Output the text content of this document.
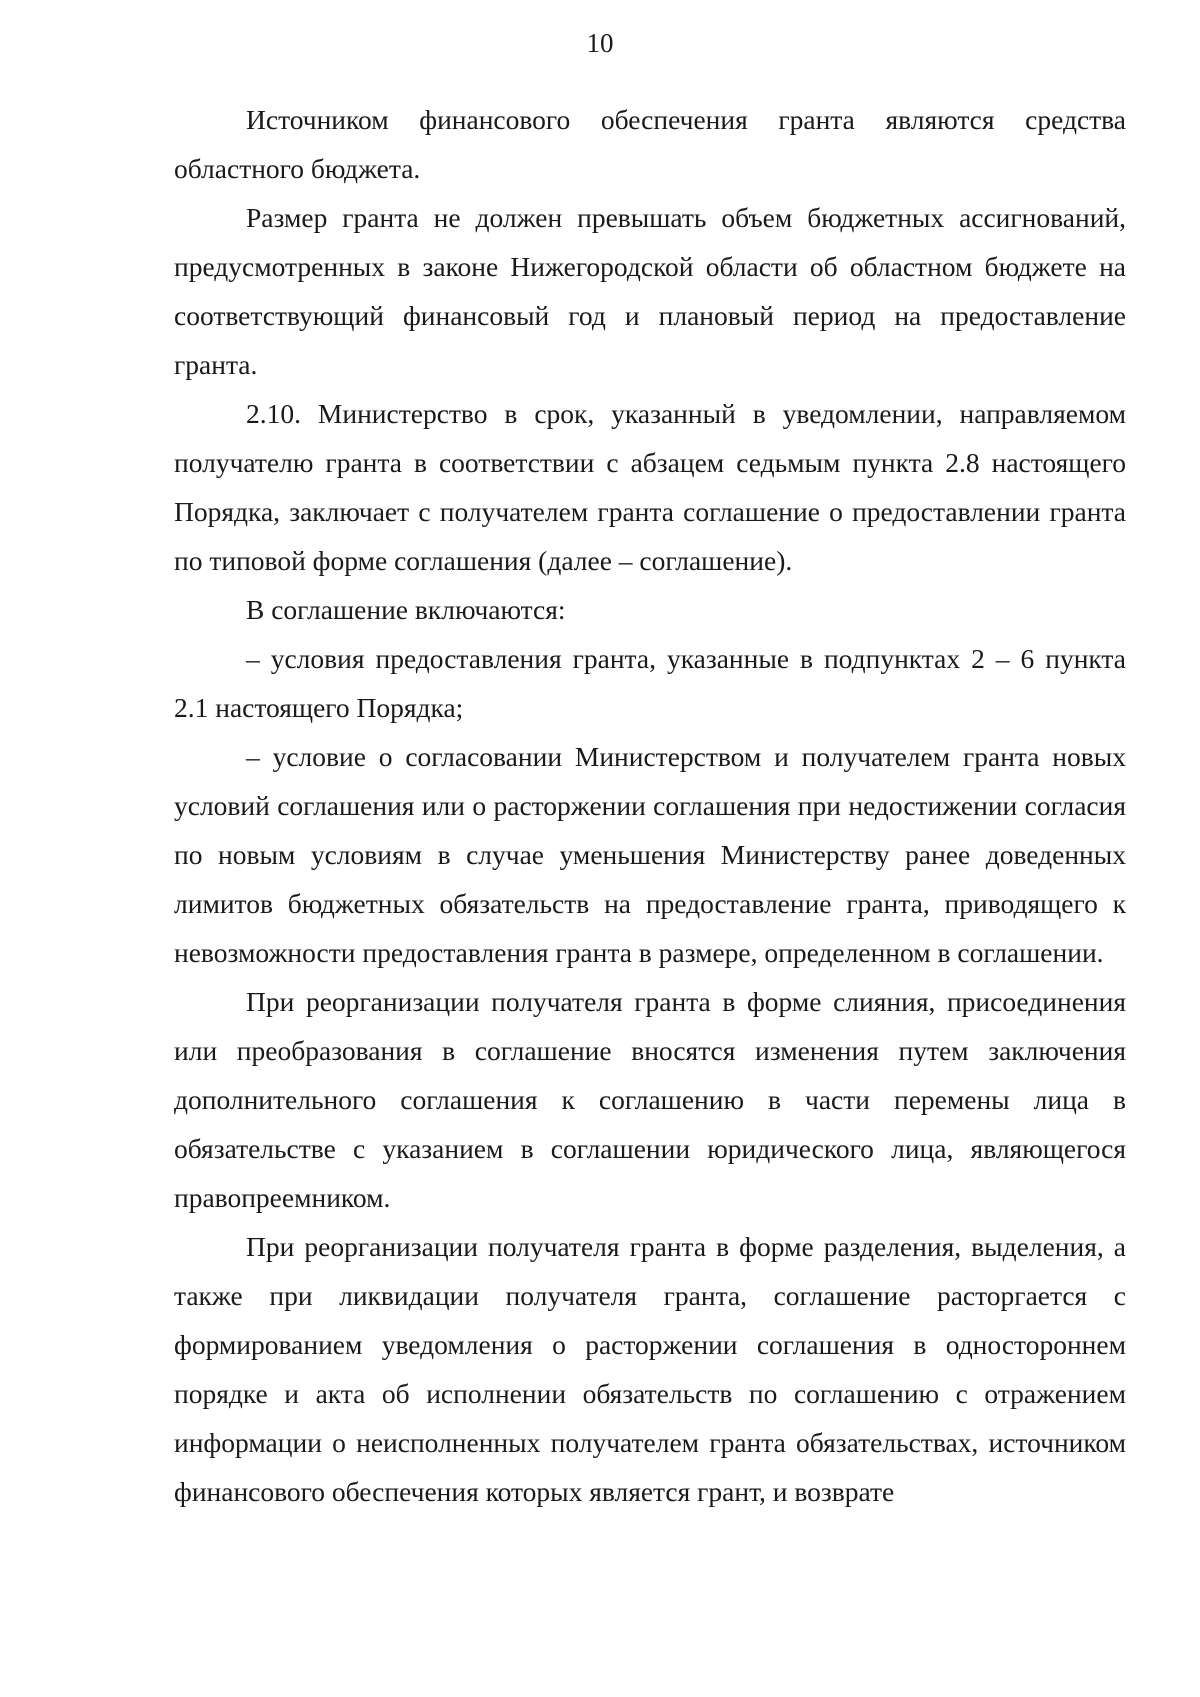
10

Источником финансового обеспечения гранта являются средства областного бюджета.

Размер гранта не должен превышать объем бюджетных ассигнований, предусмотренных в законе Нижегородской области об областном бюджете на соответствующий финансовый год и плановый период на предоставление гранта.

2.10. Министерство в срок, указанный в уведомлении, направляемом получателю гранта в соответствии с абзацем седьмым пункта 2.8 настоящего Порядка, заключает с получателем гранта соглашение о предоставлении гранта по типовой форме соглашения (далее – соглашение).

В соглашение включаются:

– условия предоставления гранта, указанные в подпунктах 2 – 6 пункта 2.1 настоящего Порядка;

– условие о согласовании Министерством и получателем гранта новых условий соглашения или о расторжении соглашения при недостижении согласия по новым условиям в случае уменьшения Министерству ранее доведенных лимитов бюджетных обязательств на предоставление гранта, приводящего к невозможности предоставления гранта в размере, определенном в соглашении.

При реорганизации получателя гранта в форме слияния, присоединения или преобразования в соглашение вносятся изменения путем заключения дополнительного соглашения к соглашению в части перемены лица в обязательстве с указанием в соглашении юридического лица, являющегося правопреемником.

При реорганизации получателя гранта в форме разделения, выделения, а также при ликвидации получателя гранта, соглашение расторгается с формированием уведомления о расторжении соглашения в одностороннем порядке и акта об исполнении обязательств по соглашению с отражением информации о неисполненных получателем гранта обязательствах, источником финансового обеспечения которых является грант, и возврате
